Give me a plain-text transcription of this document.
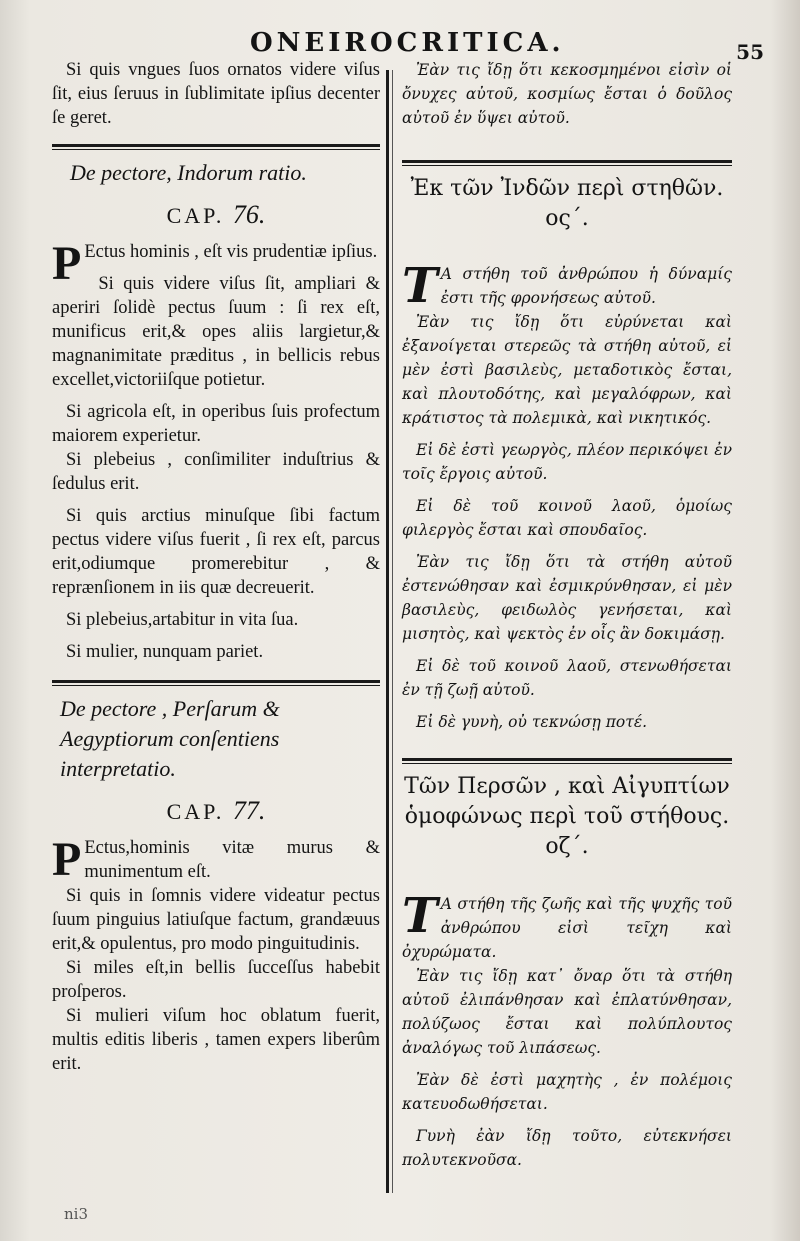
ONEIROCRITICA.	55

Si quis vngues ſuos ornatos videre viſus ſit, eius ſeruus in ſublimitate ipſius decenter ſe geret.

De pectore, Indorum ratio.
CAP. 76.

P Ectus hominis , eſt vis prudentiæ ipſius.

Si quis videre viſus ſit, ampliari & aperiri ſolidè pectus ſuum : ſi rex eſt, munificus erit,& opes aliis largietur,& magnanimitate præditus , in bellicis rebus excellet,victoriiſque potietur.

Si agricola eſt, in operibus ſuis profectum maiorem experietur.

Si plebeius , conſimiliter induſtrius & ſedulus erit.

Si quis arctius minuſque ſibi factum pectus videre viſus fuerit , ſi rex eſt, parcus erit,odiumque promerebitur , & reprænſionem in iis quæ decreuerit.

Si plebeius,artabitur in vita ſua.

Si mulier, nunquam pariet.

De pectore , Perſarum & Aegyptiorum conſentiens interpretatio.
CAP. 77.

P Ectus,hominis vitæ murus & munimentum eſt.

Si quis in ſomnis videre videatur pectus ſuum pinguius latiuſque factum, grandæuus erit,& opulentus, pro modo pinguitudinis.

Si miles eſt,in bellis ſucceſſus habebit proſperos.

Si mulieri viſum hoc oblatum fuerit, multis editis liberis , tamen expers liberûm erit.

Ἐὰν τις ἴδῃ ὅτι κεκοσμημένοι εἰσὶν οἱ ὄνυχες αὐτοῦ, κοσμίως ἔσται ὁ δοῦλος αὐτοῦ ἐν ὕψει αὐτοῦ.

Ἐκ τῶν Ἰνδῶν περὶ στηθῶν. ος΄.

Τ Α στήθη τοῦ ἀνθρώπου ἡ δύναμίς ἐστι τῆς φρονήσεως αὐτοῦ.

Ἐὰν τις ἴδῃ ὅτι εὐρύνεται καὶ ἐξανοίγεται στερεῶς τὰ στήθη αὐτοῦ, εἰ μὲν ἐστὶ βασιλεὺς, μεταδοτικὸς ἔσται, καὶ πλουτοδότης, καὶ μεγαλόφρων, καὶ κράτιστος τὰ πολεμικὰ, καὶ νικητικός.

Εἰ δὲ ἐστὶ γεωργὸς, πλέον περικόψει ἐν τοῖς ἔργοις αὐτοῦ.

Εἰ δὲ τοῦ κοινοῦ λαοῦ, ὁμοίως φιλεργὸς ἔσται καὶ σπουδαῖος.

Ἐὰν τις ἴδῃ ὅτι τὰ στήθη αὐτοῦ ἐστενώθησαν καὶ ἐσμικρύνθησαν, εἰ μὲν βασιλεὺς, φειδωλὸς γενήσεται, καὶ μισητὸς, καὶ ψεκτὸς ἐν οἷς ἂν δοκιμάσῃ.

Εἰ δὲ τοῦ κοινοῦ λαοῦ, στενωθήσεται ἐν τῇ ζωῇ αὐτοῦ.

Εἰ δὲ γυνὴ, οὐ τεκνώσῃ ποτέ.

Τῶν Περσῶν , καὶ Αἰγυπτίων ὁμοφώνως περὶ τοῦ στήθους. οζ΄.

Τ Α στήθη τῆς ζωῆς καὶ τῆς ψυχῆς τοῦ ἀνθρώπου εἰσὶ τεῖχη καὶ ὀχυρώματα.

Ἐὰν τις ἴδῃ κατ᾽ ὄναρ ὅτι τὰ στήθη αὐτοῦ ἐλιπάνθησαν καὶ ἐπλατύνθησαν, πολύζωος ἔσται καὶ πολύπλουτος ἀναλόγως τοῦ λιπάσεως.

Ἐὰν δὲ ἐστὶ μαχητὴς , ἐν πολέμοις κατευοδωθήσεται.

Γυνὴ ἐὰν ἴδῃ τοῦτο, εὐτεκνήσει πολυτεκνοῦσα.

ni3
